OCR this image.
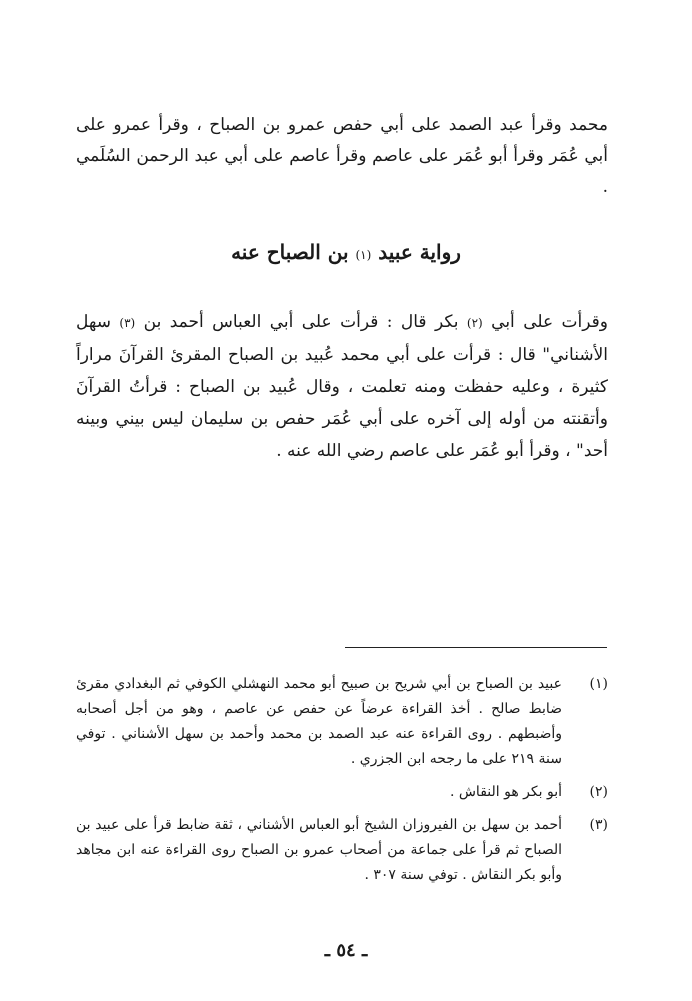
محمد وقرأ عبد الصمد على أبي حفص عمرو بن الصباح ، وقرأ عمرو على أبي عُمَر وقرأ أبو عُمَر على عاصم وقرأ عاصم على أبي عبد الرحمن السُلَمي .
رواية عبيد (١) بن الصباح عنه
وقرأت على أبي (٢) بكر قال : قرأت على أبي العباس أحمد بن (٣) سهل الأشناني" قال : قرأت على أبي محمد عُبيد بن الصباح المقرئ القرآنَ مراراً كثيرة ، وعليه حفظت ومنه تعلمت ، وقال عُبيد بن الصباح : قرأتُ القرآنَ وأتقنته من أوله إلى آخره على أبي عُمَر حفص بن سليمان ليس بيني وبينه أحد" ، وقرأ أبو عُمَر على عاصم رضي الله عنه .
(١)
عبيد بن الصباح بن أبي شريح بن صبيح أبو محمد النهشلي الكوفي ثم البغدادي مقرئ ضابط صالح . أخذ القراءة عرضاً عن حفص عن عاصم ، وهو من أجل أصحابه وأضبطهم . روى القراءة عنه عبد الصمد بن محمد وأحمد بن سهل الأشناني . توفي سنة ٢١٩ على ما رجحه ابن الجزري .
(٢)
أبو بكر هو النقاش .
(٣)
أحمد بن سهل بن الفيروزان الشيخ أبو العباس الأشناني ، ثقة ضابط قرأ على عبيد بن الصباح ثم قرأ على جماعة من أصحاب عمرو بن الصباح روى القراءة عنه ابن مجاهد وأبو بكر النقاش . توفي سنة ٣٠٧ .
ـ ٥٤ ـ
